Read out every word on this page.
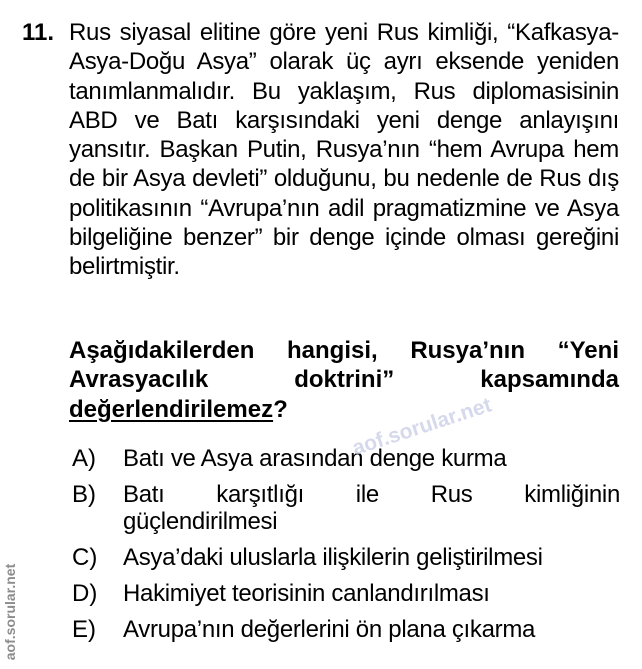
11. Rus siyasal elitine göre yeni Rus kimliği, “Kafkasya-Asya-Doğu Asya” olarak üç ayrı eksende yeniden tanımlanmalıdır. Bu yaklaşım, Rus diplomasisinin ABD ve Batı karşısındaki yeni denge anlayışını yansıtır. Başkan Putin, Rusya’nın “hem Avrupa hem de bir Asya devleti” olduğunu, bu nedenle de Rus dış politikasının “Avrupa’nın adil pragmatizmine ve Asya bilgeliğine benzer” bir denge içinde olması gereğini belirtmiştir.
Aşağıdakilerden hangisi, Rusya’nın “Yeni
Avrasyacılık	doktrini”	kapsamında
değerlendirilemez?
A)	Batı ve Asya arasından denge kurma
B)	Batı karşıtlığı ile Rus kimliğinin
güçlendirilmesi
C)	Asya’daki uluslarla ilişkilerin geliştirilmesi
D)	Hakimiyet teorisinin canlandırılması
E)	Avrupa’nın değerlerini ön plana çıkarma
aof.sorular.net
aof.sorular.net
